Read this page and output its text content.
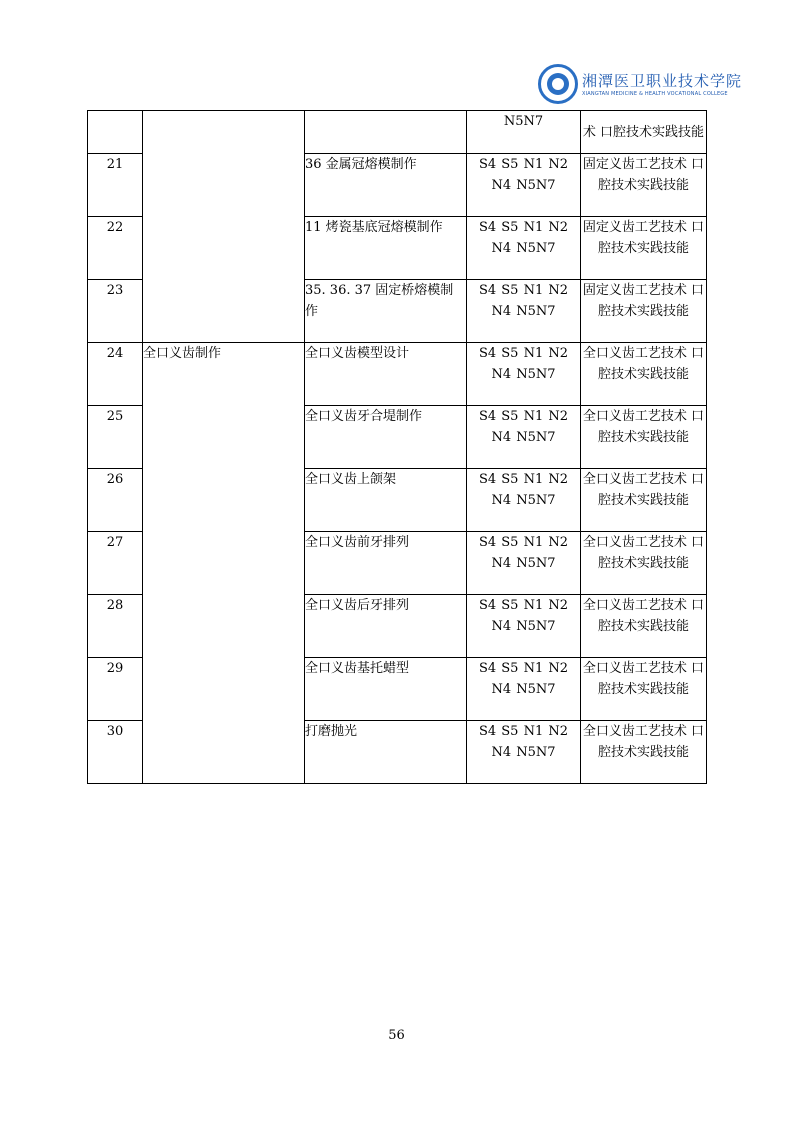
湘潭医卫职业技术学院
XIANGTAN MEDICINE & HEALTH VOCATIONAL COLLEGE
			N5N7	术 口腔技术实践技能
21		36 金属冠熔模制作	S4 S5 N1 N2 N4 N5N7	固定义齿工艺技术 口腔技术实践技能
22		11 烤瓷基底冠熔模制作	S4 S5 N1 N2 N4 N5N7	固定义齿工艺技术 口腔技术实践技能
23		35. 36. 37 固定桥熔模制作	S4 S5 N1 N2 N4 N5N7	固定义齿工艺技术 口腔技术实践技能
24	全口义齿制作	全口义齿模型设计	S4 S5 N1 N2 N4 N5N7	全口义齿工艺技术 口腔技术实践技能
25		全口义齿牙合堤制作	S4 S5 N1 N2 N4 N5N7	全口义齿工艺技术 口腔技术实践技能
26		全口义齿上颌架	S4 S5 N1 N2 N4 N5N7	全口义齿工艺技术 口腔技术实践技能
27		全口义齿前牙排列	S4 S5 N1 N2 N4 N5N7	全口义齿工艺技术 口腔技术实践技能
28		全口义齿后牙排列	S4 S5 N1 N2 N4 N5N7	全口义齿工艺技术 口腔技术实践技能
29		全口义齿基托蜡型	S4 S5 N1 N2 N4 N5N7	全口义齿工艺技术 口腔技术实践技能
30		打磨抛光	S4 S5 N1 N2 N4 N5N7	全口义齿工艺技术 口腔技术实践技能
56
